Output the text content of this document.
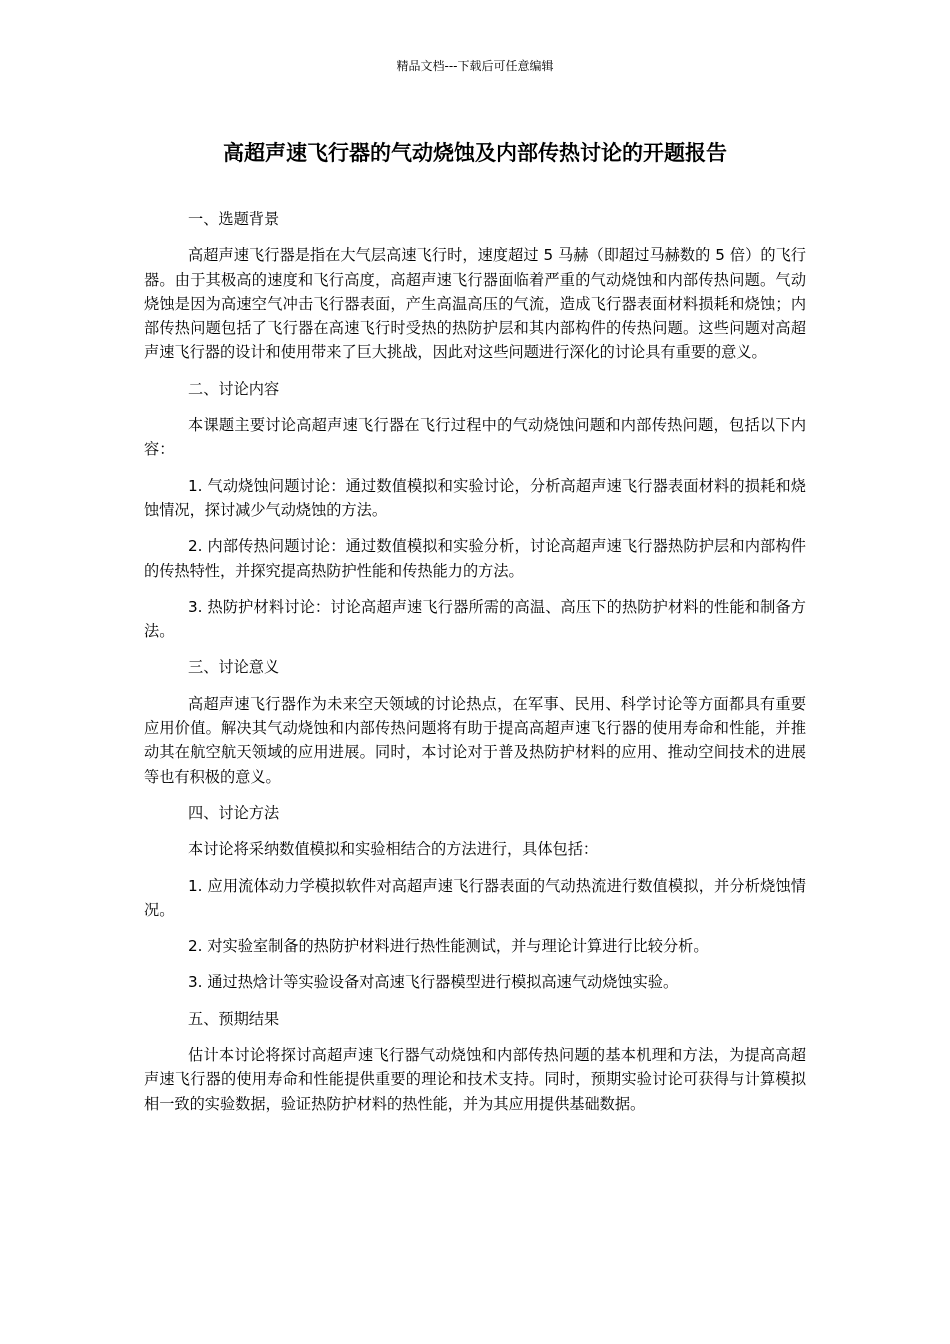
精品文档---下载后可任意编辑
高超声速飞行器的气动烧蚀及内部传热讨论的开题报告

一、选题背景

高超声速飞行器是指在大气层高速飞行时，速度超过 5 马赫（即超过马赫数的 5 倍）的飞行器。由于其极高的速度和飞行高度，高超声速飞行器面临着严重的气动烧蚀和内部传热问题。气动烧蚀是因为高速空气冲击飞行器表面，产生高温高压的气流，造成飞行器表面材料损耗和烧蚀；内部传热问题包括了飞行器在高速飞行时受热的热防护层和其内部构件的传热问题。这些问题对高超声速飞行器的设计和使用带来了巨大挑战，因此对这些问题进行深化的讨论具有重要的意义。

二、讨论内容

本课题主要讨论高超声速飞行器在飞行过程中的气动烧蚀问题和内部传热问题，包括以下内容：

1. 气动烧蚀问题讨论：通过数值模拟和实验讨论，分析高超声速飞行器表面材料的损耗和烧蚀情况，探讨减少气动烧蚀的方法。

2. 内部传热问题讨论：通过数值模拟和实验分析，讨论高超声速飞行器热防护层和内部构件的传热特性，并探究提高热防护性能和传热能力的方法。

3. 热防护材料讨论：讨论高超声速飞行器所需的高温、高压下的热防护材料的性能和制备方法。

三、讨论意义

高超声速飞行器作为未来空天领域的讨论热点，在军事、民用、科学讨论等方面都具有重要应用价值。解决其气动烧蚀和内部传热问题将有助于提高高超声速飞行器的使用寿命和性能，并推动其在航空航天领域的应用进展。同时，本讨论对于普及热防护材料的应用、推动空间技术的进展等也有积极的意义。

四、讨论方法

本讨论将采纳数值模拟和实验相结合的方法进行，具体包括：

1. 应用流体动力学模拟软件对高超声速飞行器表面的气动热流进行数值模拟，并分析烧蚀情况。

2. 对实验室制备的热防护材料进行热性能测试，并与理论计算进行比较分析。

3. 通过热焓计等实验设备对高速飞行器模型进行模拟高速气动烧蚀实验。

五、预期结果

估计本讨论将探讨高超声速飞行器气动烧蚀和内部传热问题的基本机理和方法，为提高高超声速飞行器的使用寿命和性能提供重要的理论和技术支持。同时，预期实验讨论可获得与计算模拟相一致的实验数据，验证热防护材料的热性能，并为其应用提供基础数据。
